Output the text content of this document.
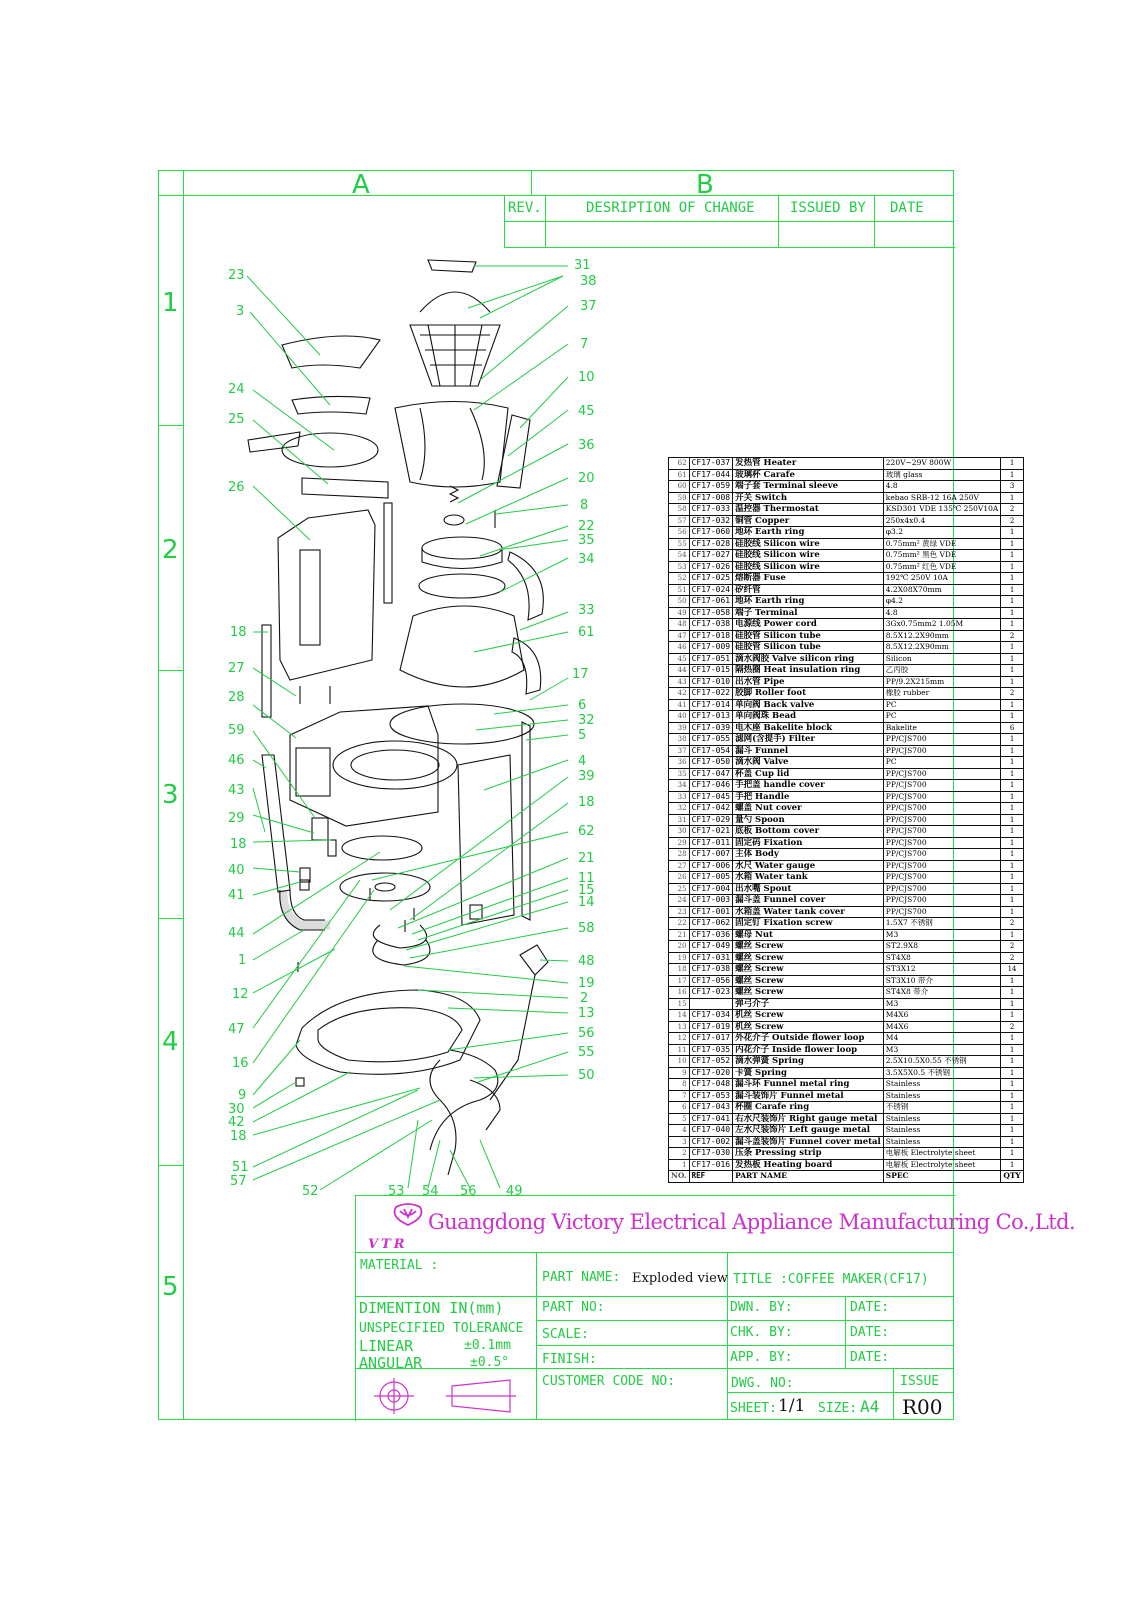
A	B
1
2
3
4
5
REV.	DESRIPTION OF CHANGE	ISSUED BY DATE
23
3
24
25
26
18
27
28
59
46
43
29
18
40
41
44
1
12
47
16
9
30
42
18
51
57
31
38
37
7
10
45
36
20
8
22
35
34
33
61
17
6
32
5
4
39
18
62
21
11
15
14
58
48
19
2
13
56
55
50
52	53 54 56 49
62	CF17-037	发热管 Heater	220V~29V 800W	1
61	CF17-044	玻璃杯 Carafe	玻璃 glass	1
60	CF17-059	端子套 Terminal sleeve	4.8	3
59	CF17-008	开关 Switch	kebao SRB-12 16A 250V	1
58	CF17-033	温控器 Thermostat	KSD301 VDE 135℃ 250V10A	2
57	CF17-032	铜管 Copper	250x4x0.4	2
56	CF17-060	地环 Earth ring	φ3.2	1
55	CF17-028	硅胶线 Silicon wire	0.75mm² 黄绿 VDE	1
54	CF17-027	硅胶线 Silicon wire	0.75mm² 黑色 VDE	1
53	CF17-026	硅胶线 Silicon wire	0.75mm² 红色 VDE	1
52	CF17-025	熔断器 Fuse	192℃ 250V 10A	1
51	CF17-024	矽纤管	4.2X08X70mm	1
50	CF17-061	地环 Earth ring	φ4.2	1
49	CF17-058	端子 Terminal	4.8	1
48	CF17-038	电源线 Power cord	3Gx0.75mm2 1.05M	1
47	CF17-018	硅胶管 Silicon tube	8.5X12.2X90mm	2
46	CF17-009	硅胶管 Silicon tube	8.5X12.2X90mm	1
45	CF17-051	滴水阀胶 Valve silicon ring	Silicon	1
44	CF17-015	隔热圈 Heat insulation ring	乙丙胶	1
43	CF17-010	出水管 Pipe	PP/9.2X215mm	1
42	CF17-022	胶脚 Roller foot	橡胶 rubber	2
41	CF17-014	单向阀 Back valve	PC	1
40	CF17-013	单向阀珠 Bead	PC	1
39	CF17-039	电木座 Bakelite block	Bakelite	6
38	CF17-055	滤网(含提手) Filter	PP/CJS700	1
37	CF17-054	漏斗 Funnel	PP/CJS700	1
36	CF17-050	滴水阀 Valve	PC	1
35	CF17-047	杯盖 Cup lid	PP/CJS700	1
34	CF17-046	手把盖 handle cover	PP/CJS700	1
33	CF17-045	手把 Handle	PP/CJS700	1
32	CF17-042	螺盖 Nut cover	PP/CJS700	1
31	CF17-029	量勺 Spoon	PP/CJS700	1
30	CF17-021	底板 Bottom cover	PP/CJS700	1
29	CF17-011	固定码 Fixation	PP/CJS700	1
28	CF17-007	主体 Body	PP/CJS700	1
27	CF17-006	水尺 Water gauge	PP/CJS700	1
26	CF17-005	水箱 Water tank	PP/CJS700	1
25	CF17-004	出水嘴 Spout	PP/CJS700	1
24	CF17-003	漏斗盖 Funnel cover	PP/CJS700	1
23	CF17-001	水箱盖 Water tank cover	PP/CJS700	1
22	CF17-062	固定钉 Fixation screw	1.5X7 不锈钢	2
21	CF17-036	螺母 Nut	M3	1
20	CF17-049	螺丝 Screw	ST2.9X8	2
19	CF17-031	螺丝 Screw	ST4X8	2
18	CF17-038	螺丝 Screw	ST3X12	14
17	CF17-056	螺丝 Screw	ST3X10 带介	1
16	CF17-023	螺丝 Screw	ST4X8 带介	1
15		弹弓介子	M3	1
14	CF17-034	机丝 Screw	M4X6	1
13	CF17-019	机丝 Screw	M4X6	2
12	CF17-017	外花介子 Outside flower loop	M4	1
11	CF17-035	内花介子 Inside flower loop	M3	1
10	CF17-052	滴水弹簧 Spring	2.5X10.5X0.55 不锈钢	1
9	CF17-020	卡簧 Spring	3.5X5X0.5 不锈钢	1
8	CF17-048	漏斗环 Funnel metal ring	Stainless	1
7	CF17-053	漏斗装饰片 Funnel metal	Stainless	1
6	CF17-043	杯圈 Carafe ring	不锈钢	1
5	CF17-041	右水尺装饰片 Right gauge metal	Stainless	1
4	CF17-040	左水尺装饰片 Left gauge metal	Stainless	1
3	CF17-002	漏斗盖装饰片 Funnel cover metal	Stainless	1
2	CF17-030	压条 Pressing strip	电解板 Electrolyte sheet	1
1	CF17-016	发热板 Heating board	电解板 Electrolyte sheet	1
NO.	REF	PART NAME	SPEC	QTY
VTR
Guangdong Victory Electrical Appliance Manufacturing Co.,Ltd.
MATERIAL :
PART NAME: Exploded view TITLE :COFFEE MAKER(CF17)
DIMENTION IN(mm)	PART NO:	DWN. BY:	DATE:
UNSPECIFIED TOLERANCE SCALE:	CHK. BY:	DATE:
LINEAR	±0.1mm
ANGULAR	±0.5°	FINISH:	APP. BY:	DATE:
CUSTOMER CODE NO:	DWG. NO:	ISSUE
SHEET: 1/1 SIZE: A4 R00
